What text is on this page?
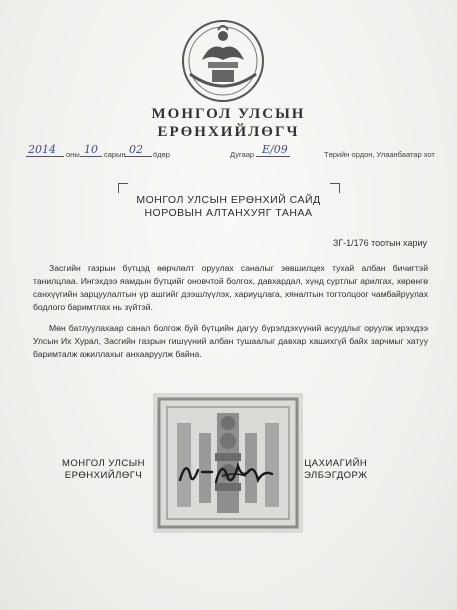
МОНГОЛ УЛСЫН
ЕРӨНХИЙЛӨГЧ
2014 оны 10 сарын 02 ӧдөр	Дугаар Е/09	Төрийн ордон, Улаанбаатар хот
МОНГОЛ УЛСЫН ЕРӨНХИЙ САЙД
НОРОВЫН АЛТАНХУЯГ ТАНАА
ЗГ-1/176 тоотын хариу

Засгийн газрын бүтцэд өөрчлөлт оруулах саналыг зөвшилцех тухай албан бичигтэй танилцлаа. Ингэхдээ яамдын бүтцийг оновчтой болгох, давхардал, хүнд суртлыг арилгах, хөрөнгө санхүүгийн зарцуулалтын үр ашгийг дээшлүүлэх, хариуцлага, хяналтын тогтолцоог чамбайруулах бодлого баримтлах нь зүйтэй.

Мөн батлуулахаар санал болгож буй бүтцийн дагуу бүрэлдэхүүний асуудлыг оруулж ирэхдээ Улсын Их Хурал, Засгийн газрын гишүүний албан тушаалыг давхар хашихгүй байх зарчмыг хатуу баримталж ажиллахыг анхааруулж байна.

МОНГОЛ УЛСЫН
ЕРӨНХИЙЛӨГЧ
ЦАХИАГИЙН
ЭЛБЭГДОРЖ
